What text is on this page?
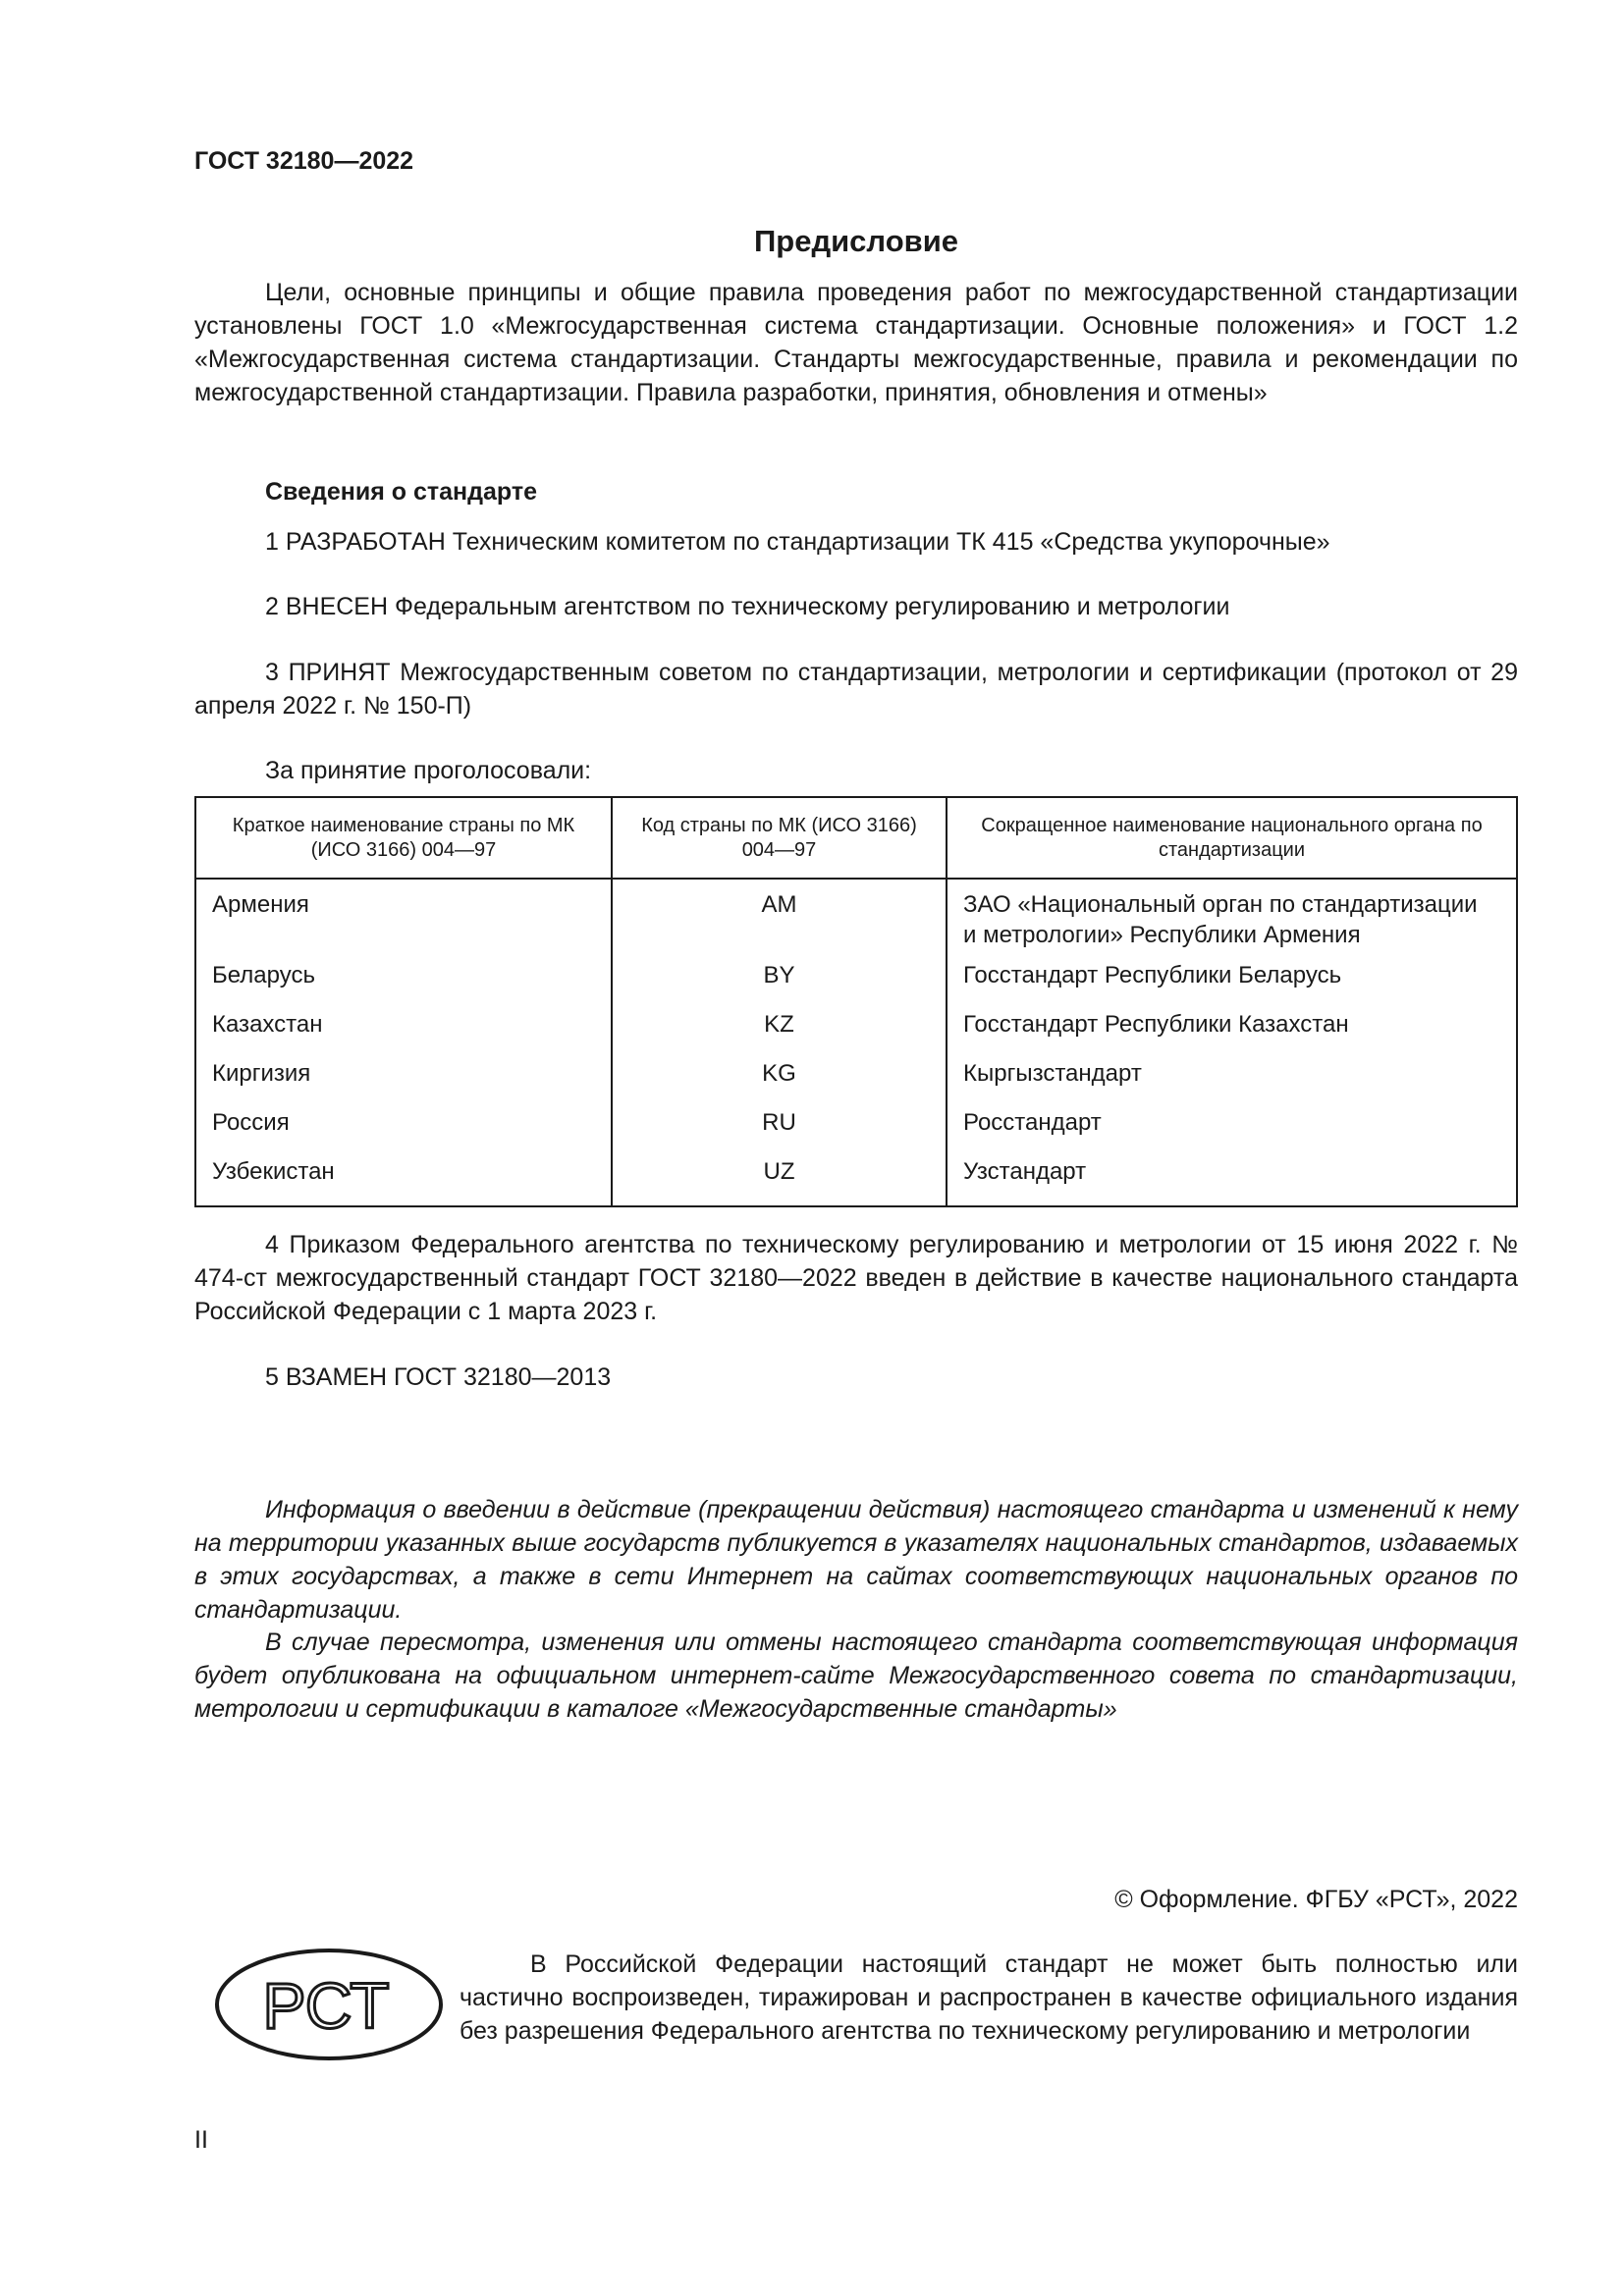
ГОСТ 32180—2022
Предисловие

Цели, основные принципы и общие правила проведения работ по межгосударственной стандартизации установлены ГОСТ 1.0 «Межгосударственная система стандартизации. Основные положения» и ГОСТ 1.2 «Межгосударственная система стандартизации. Стандарты межгосударственные, правила и рекомендации по межгосударственной стандартизации. Правила разработки, принятия, обновления и отмены»

Сведения о стандарте

1 РАЗРАБОТАН Техническим комитетом по стандартизации ТК 415 «Средства укупорочные»

2 ВНЕСЕН Федеральным агентством по техническому регулированию и метрологии

3 ПРИНЯТ Межгосударственным советом по стандартизации, метрологии и сертификации (протокол от 29 апреля 2022 г. № 150-П)

За принятие проголосовали:

Краткое наименование страны по МК (ИСО 3166) 004—97	Код страны по МК (ИСО 3166) 004—97	Сокращенное наименование национального органа по стандартизации
Армения	AM	ЗАО «Национальный орган по стандартизации
и метрологии» Республики Армения
Беларусь	BY	Госстандарт Республики Беларусь
Казахстан	KZ	Госстандарт Республики Казахстан
Киргизия	KG	Кыргызстандарт
Россия	RU	Росстандарт
Узбекистан	UZ	Узстандарт

4 Приказом Федерального агентства по техническому регулированию и метрологии от 15 июня 2022 г. № 474-ст межгосударственный стандарт ГОСТ 32180—2022 введен в действие в качестве национального стандарта Российской Федерации с 1 марта 2023 г.

5 ВЗАМЕН ГОСТ 32180—2013

Информация о введении в действие (прекращении действия) настоящего стандарта и изменений к нему на территории указанных выше государств публикуется в указателях национальных стандартов, издаваемых в этих государствах, а также в сети Интернет на сайтах соответствующих национальных органов по стандартизации.

В случае пересмотра, изменения или отмены настоящего стандарта соответствующая информация будет опубликована на официальном интернет-сайте Межгосударственного совета по стандартизации, метрологии и сертификации в каталоге «Межгосударственные стандарты»

© Оформление. ФГБУ «РСТ», 2022
РСТ

В Российской Федерации настоящий стандарт не может быть полностью или частично воспроизведен, тиражирован и распространен в качестве официального издания без разрешения Федерального агентства по техническому регулированию и метрологии

II
